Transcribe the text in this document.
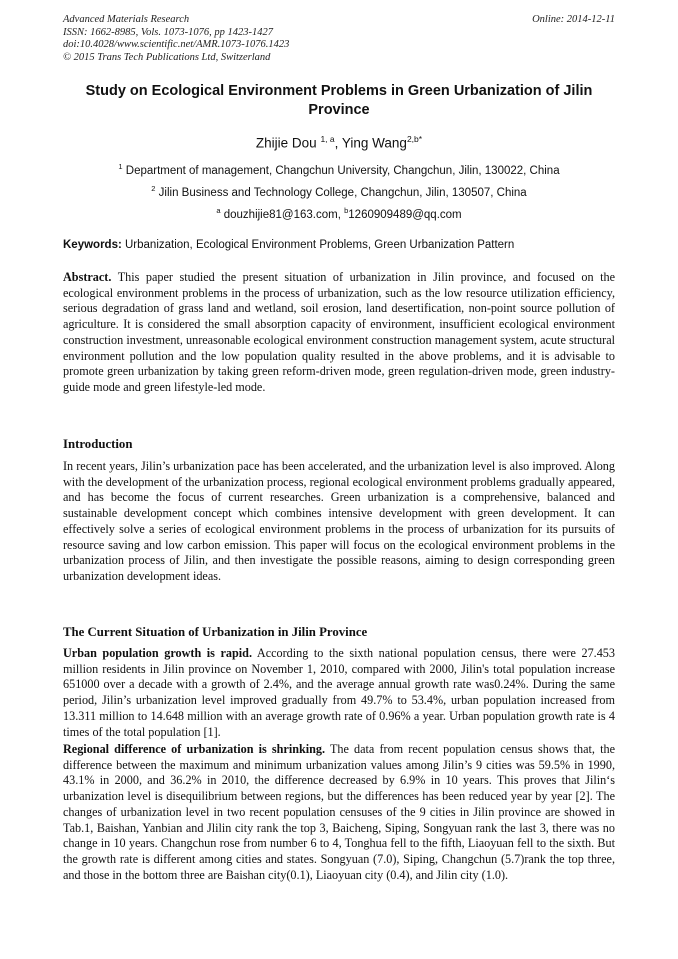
Advanced Materials Research
ISSN: 1662-8985, Vols. 1073-1076, pp 1423-1427
doi:10.4028/www.scientific.net/AMR.1073-1076.1423
© 2015 Trans Tech Publications Ltd, Switzerland
Online: 2014-12-11
Study on Ecological Environment Problems in Green Urbanization of Jilin Province
Zhijie Dou $^{1, a}$, Ying Wang$^{2,b*}$
$^1$ Department of management, Changchun University, Changchun, Jilin, 130022, China
$^2$ Jilin Business and Technology College, Changchun, Jilin, 130507, China
$^a$ douzhijie81@163.com, $^b$1260909489@qq.com
Keywords: Urbanization, Ecological Environment Problems, Green Urbanization Pattern
Abstract. This paper studied the present situation of urbanization in Jilin province, and focused on the ecological environment problems in the process of urbanization, such as the low resource utilization efficiency, serious degradation of grass land and wetland, soil erosion, land desertification, non-point source pollution of agriculture. It is considered the small absorption capacity of environment, insufficient ecological environment construction investment, unreasonable ecological environment construction management system, acute structural environment pollution and the low population quality resulted in the above problems, and it is advisable to promote green urbanization by taking green reform-driven mode, green regulation-driven mode, green industry-guide mode and green lifestyle-led mode.
Introduction
In recent years, Jilin’s urbanization pace has been accelerated, and the urbanization level is also improved. Along with the development of the urbanization process, regional ecological environment problems gradually appeared, and has become the focus of current researches. Green urbanization is a comprehensive, balanced and sustainable development concept which combines intensive development with green development. It can effectively solve a series of ecological environment problems in the process of urbanization for its pursuits of resource saving and low carbon emission. This paper will focus on the ecological environment problems in the urbanization process of Jilin, and then investigate the possible reasons, aiming to design corresponding green urbanization development ideas.
The Current Situation of Urbanization in Jilin Province
Urban population growth is rapid. According to the sixth national population census, there were 27.453 million residents in Jilin province on November 1, 2010, compared with 2000, Jilin's total population increase 651000 over a decade with a growth of 2.4%, and the average annual growth rate was0.24%. During the same period, Jilin’s urbanization level improved gradually from 49.7% to 53.4%, urban population increased from 13.311 million to 14.648 million with an average growth rate of 0.96% a year. Urban population growth rate is 4 times of the total population [1].
Regional difference of urbanization is shrinking. The data from recent population census shows that, the difference between the maximum and minimum urbanization values among Jilin’s 9 cities was 59.5% in 1990, 43.1% in 2000, and 36.2% in 2010, the difference decreased by 6.9% in 10 years. This proves that Jilin‘s urbanization level is disequilibrium between regions, but the differences has been reduced year by year [2]. The changes of urbanization level in two recent population censuses of the 9 cities in Jilin province are showed in Tab.1, Baishan, Yanbian and Jlilin city rank the top 3, Baicheng, Siping, Songyuan rank the last 3, there was no change in 10 years. Changchun rose from number 6 to 4, Tonghua fell to the fifth, Liaoyuan fell to the sixth. But the growth rate is different among cities and states. Songyuan (7.0), Siping, Changchun (5.7)rank the top three, and those in the bottom three are Baishan city(0.1), Liaoyuan city (0.4), and Jilin city (1.0).
